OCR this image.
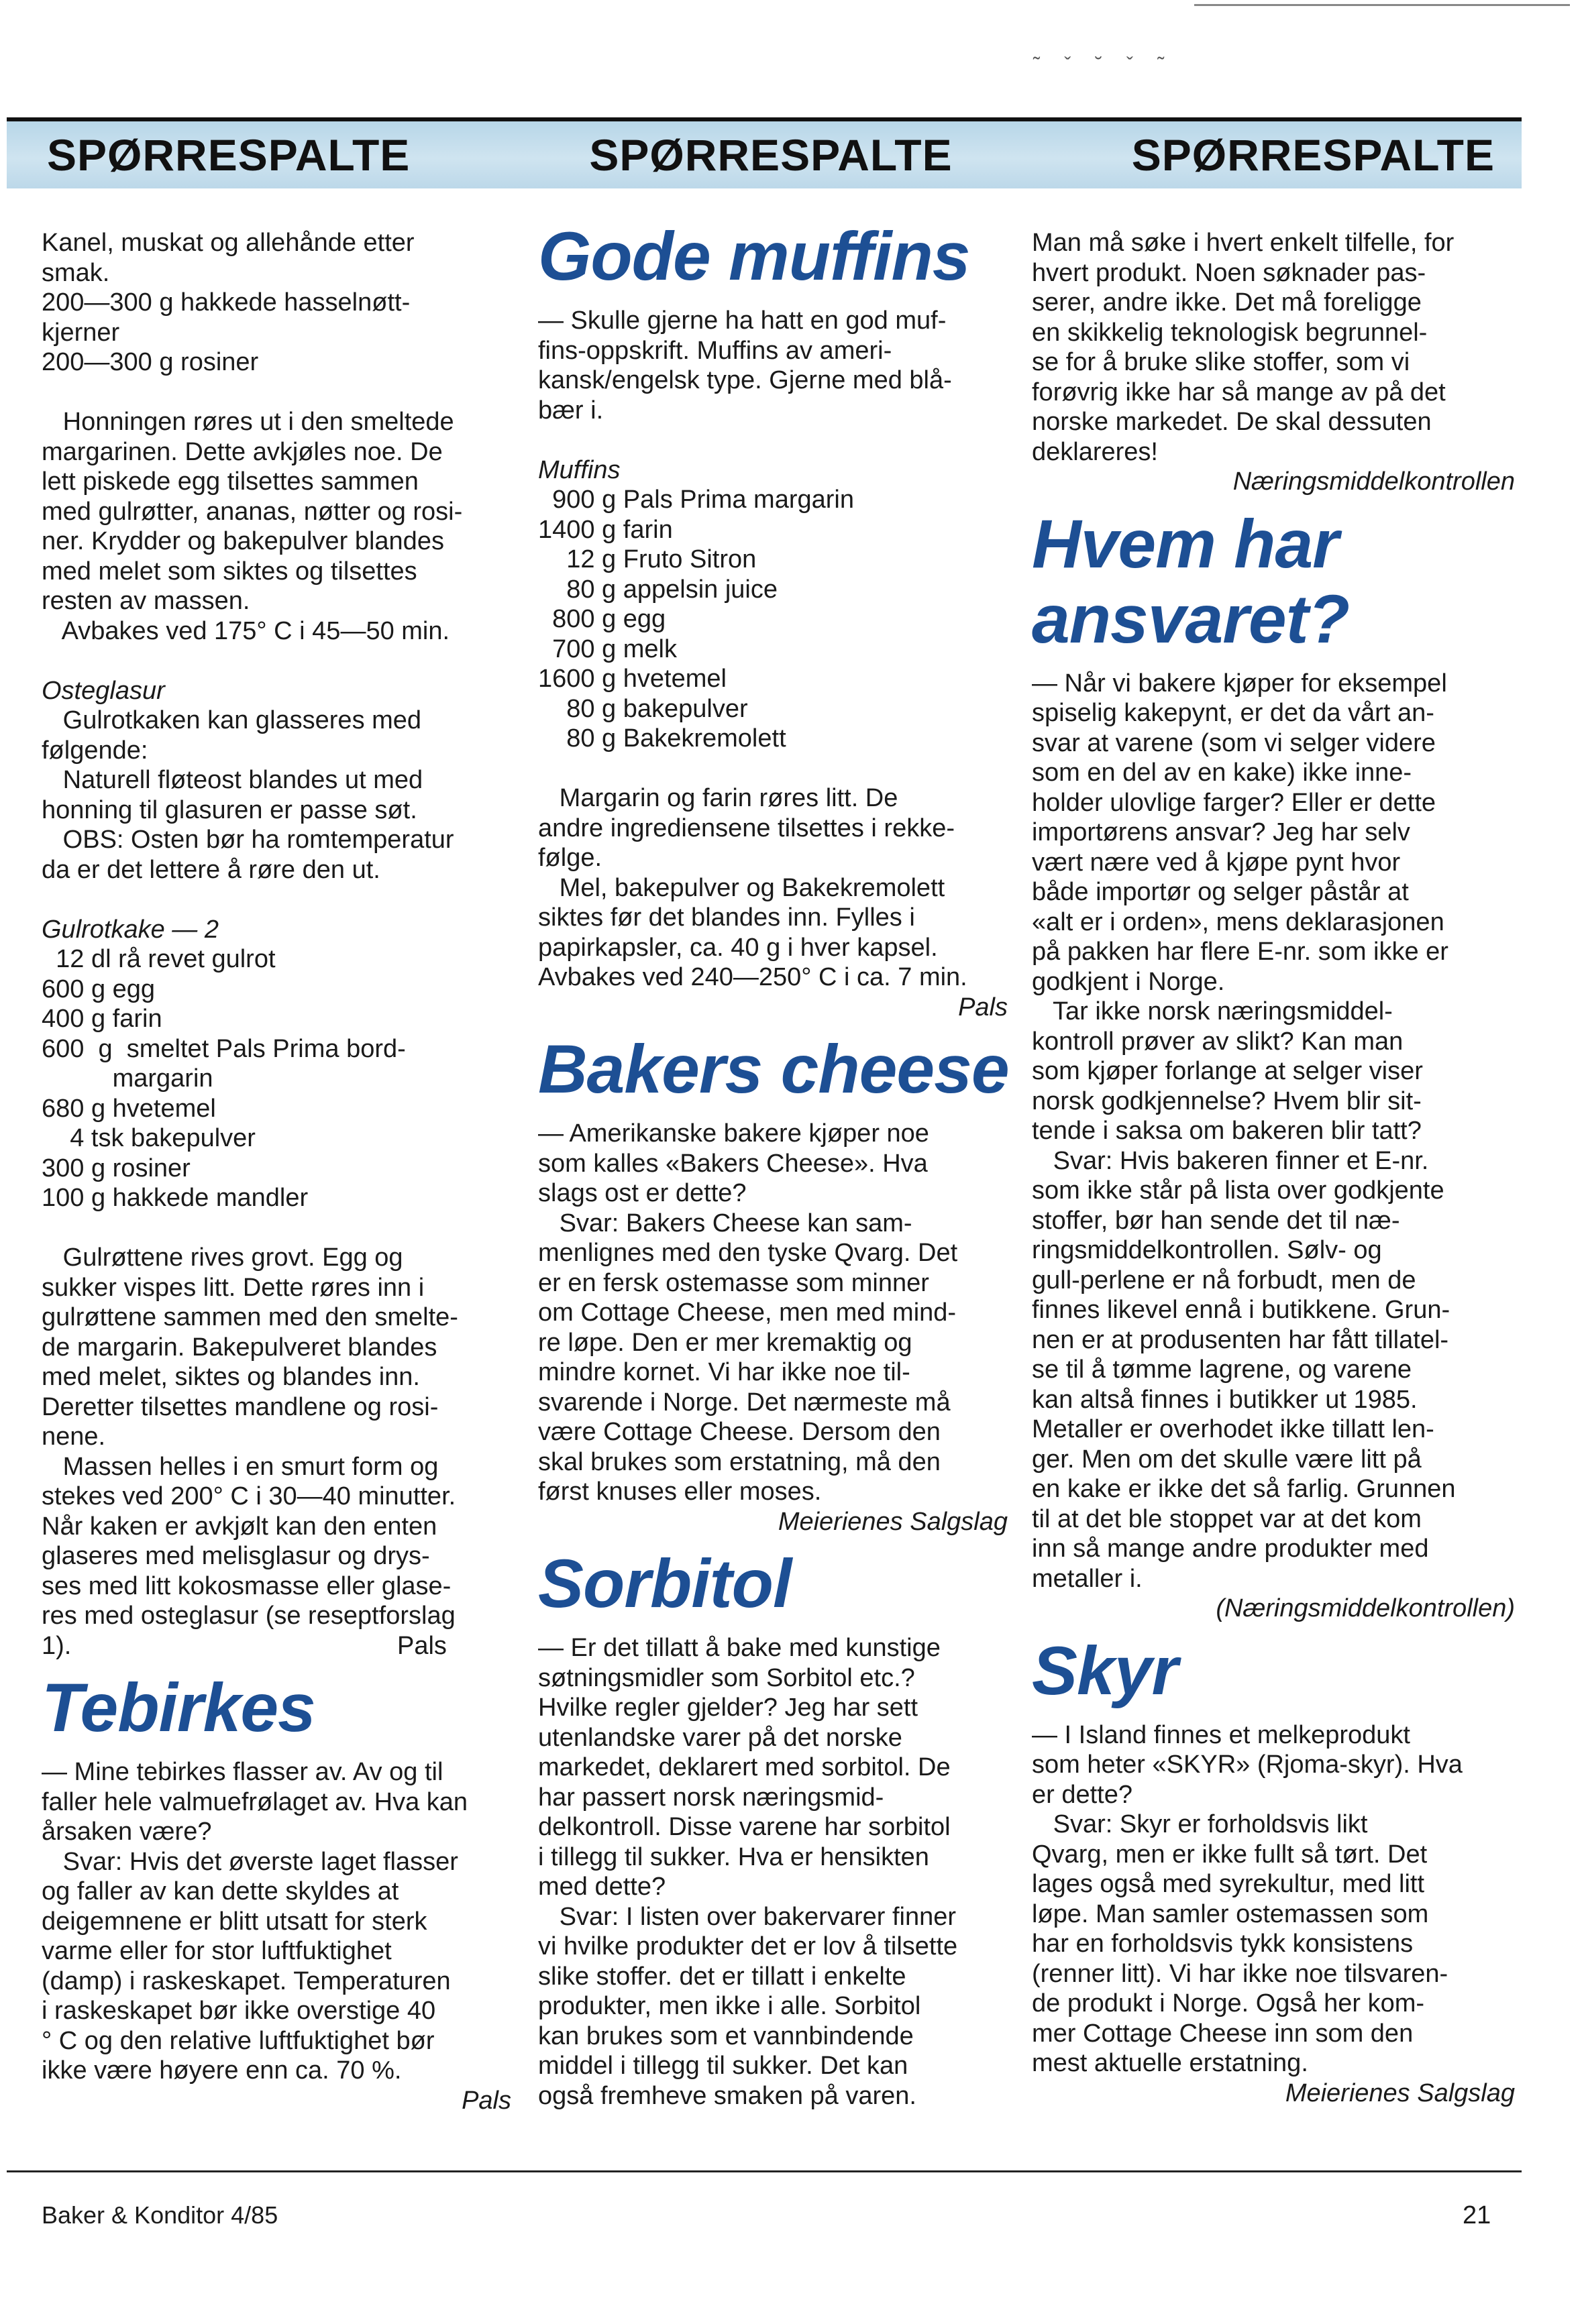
˜ ˇ ˘ ˇ ˜
SPØRRESPALTE	SPØRRESPALTE	SPØRRESPALTE

Kanel, muskat og allehånde etter

smak.

200—300 g hakkede hasselnøtt-

kjerner

200—300 g rosiner

Honningen røres ut i den smeltede

margarinen. Dette avkjøles noe. De

lett piskede egg tilsettes sammen

med gulrøtter, ananas, nøtter og rosi-

ner. Krydder og bakepulver blandes

med melet som siktes og tilsettes

resten av massen.

Avbakes ved 175° C i 45—50 min.

Osteglasur

Gulrotkaken kan glasseres med

følgende:

Naturell fløteost blandes ut med

honning til glasuren er passe søt.

OBS: Osten bør ha romtemperatur

da er det lettere å røre den ut.

Gulrotkake — 2

12 dl rå revet gulrot

600 g egg

400 g farin

600  g  smeltet Pals Prima bord-

margarin

680 g hvetemel

4 tsk bakepulver

300 g rosiner

100 g hakkede mandler

Gulrøttene rives grovt. Egg og

sukker vispes litt. Dette røres inn i

gulrøttene sammen med den smelte-

de margarin. Bakepulveret blandes

med melet, siktes og blandes inn.

Deretter tilsettes mandlene og rosi-

nene.

Massen helles i en smurt form og

stekes ved 200° C i 30—40 minutter.

Når kaken er avkjølt kan den enten

glaseres med melisglasur og drys-

ses med litt kokosmasse eller glase-

res med osteglasur (se reseptforslag

1).                                              Pals

Tebirkes

— Mine tebirkes flasser av. Av og til

faller hele valmuefrølaget av. Hva kan

årsaken være?

Svar: Hvis det øverste laget flasser

og faller av kan dette skyldes at

deigemnene er blitt utsatt for sterk

varme eller for stor luftfuktighet

(damp) i raskeskapet. Temperaturen

i raskeskapet bør ikke overstige 40

° C og den relative luftfuktighet bør

ikke være høyere enn ca. 70 %.

Pals

Gode muffins

— Skulle gjerne ha hatt en god muf-

fins-oppskrift. Muffins av ameri-

kansk/engelsk type. Gjerne med blå-

bær i.

Muffins

900 g Pals Prima margarin

1400 g farin

12 g Fruto Sitron

80 g appelsin juice

800 g egg

700 g melk

1600 g hvetemel

80 g bakepulver

80 g Bakekremolett

Margarin og farin røres litt. De

andre ingrediensene tilsettes i rekke-

følge.

Mel, bakepulver og Bakekremolett

siktes før det blandes inn. Fylles i

papirkapsler, ca. 40 g i hver kapsel.

Avbakes ved 240—250° C i ca. 7 min.

Pals

Bakers cheese

— Amerikanske bakere kjøper noe

som kalles «Bakers Cheese». Hva

slags ost er dette?

Svar: Bakers Cheese kan sam-

menlignes med den tyske Qvarg. Det

er en fersk ostemasse som minner

om Cottage Cheese, men med mind-

re løpe. Den er mer kremaktig og

mindre kornet. Vi har ikke noe til-

svarende i Norge. Det nærmeste må

være Cottage Cheese. Dersom den

skal brukes som erstatning, må den

først knuses eller moses.

Meierienes Salgslag

Sorbitol

— Er det tillatt å bake med kunstige

søtningsmidler som Sorbitol etc.?

Hvilke regler gjelder? Jeg har sett

utenlandske varer på det norske

markedet, deklarert med sorbitol. De

har passert norsk næringsmid-

delkontroll. Disse varene har sorbitol

i tillegg til sukker. Hva er hensikten

med dette?

Svar: I listen over bakervarer finner

vi hvilke produkter det er lov å tilsette

slike stoffer. det er tillatt i enkelte

produkter, men ikke i alle. Sorbitol

kan brukes som et vannbindende

middel i tillegg til sukker. Det kan

også fremheve smaken på varen.

Man må søke i hvert enkelt tilfelle, for

hvert produkt. Noen søknader pas-

serer, andre ikke. Det må foreligge

en skikkelig teknologisk begrunnel-

se for å bruke slike stoffer, som vi

forøvrig ikke har så mange av på det

norske markedet. De skal dessuten

deklareres!

Næringsmiddelkontrollen

Hvem har
ansvaret?

— Når vi bakere kjøper for eksempel

spiselig kakepynt, er det da vårt an-

svar at varene (som vi selger videre

som en del av en kake) ikke inne-

holder ulovlige farger? Eller er dette

importørens ansvar? Jeg har selv

vært nære ved å kjøpe pynt hvor

både importør og selger påstår at

«alt er i orden», mens deklarasjonen

på pakken har flere E-nr. som ikke er

godkjent i Norge.

Tar ikke norsk næringsmiddel-

kontroll prøver av slikt? Kan man

som kjøper forlange at selger viser

norsk godkjennelse? Hvem blir sit-

tende i saksa om bakeren blir tatt?

Svar: Hvis bakeren finner et E-nr.

som ikke står på lista over godkjente

stoffer, bør han sende det til næ-

ringsmiddelkontrollen. Sølv- og

gull-perlene er nå forbudt, men de

finnes likevel ennå i butikkene. Grun-

nen er at produsenten har fått tillatel-

se til å tømme lagrene, og varene

kan altså finnes i butikker ut 1985.

Metaller er overhodet ikke tillatt len-

ger. Men om det skulle være litt på

en kake er ikke det så farlig. Grunnen

til at det ble stoppet var at det kom

inn så mange andre produkter med

metaller i.

(Næringsmiddelkontrollen)

Skyr

— I Island finnes et melkeprodukt

som heter «SKYR» (Rjoma-skyr). Hva

er dette?

Svar: Skyr er forholdsvis likt

Qvarg, men er ikke fullt så tørt. Det

lages også med syrekultur, med litt

løpe. Man samler ostemassen som

har en forholdsvis tykk konsistens

(renner litt). Vi har ikke noe tilsvaren-

de produkt i Norge. Også her kom-

mer Cottage Cheese inn som den

mest aktuelle erstatning.

Meierienes Salgslag

Baker & Konditor 4/85	21
